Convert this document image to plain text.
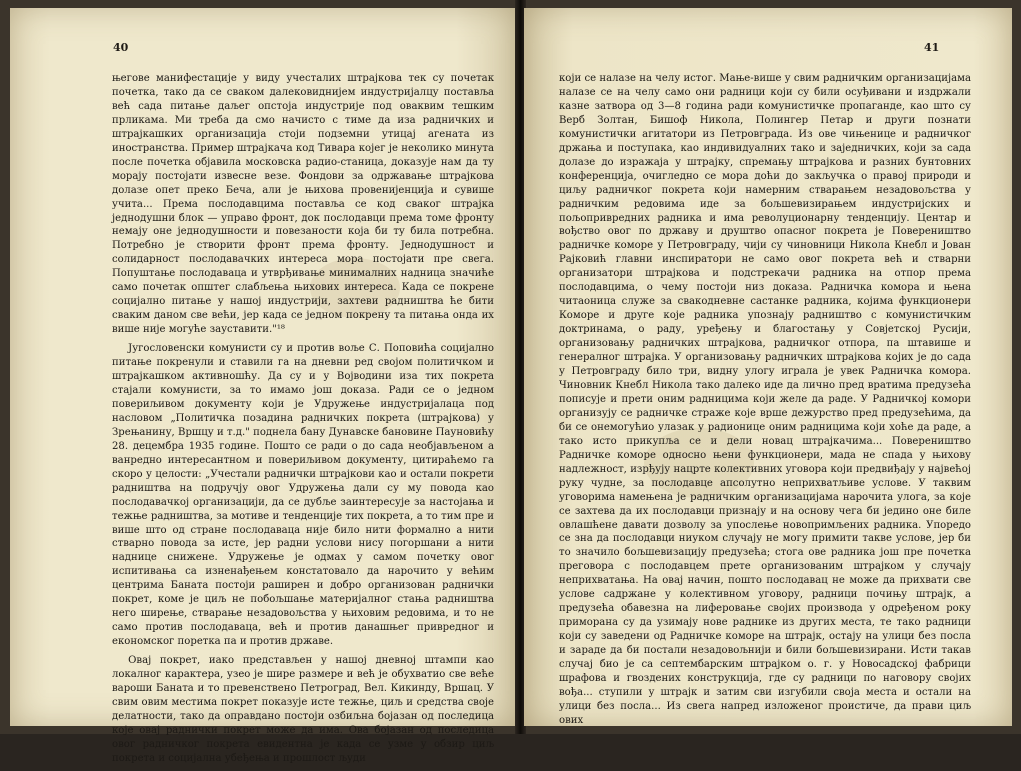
40

његове манифестације у виду учесталих штрајкова тек су почетак почетка, тако да се сваком далековиднијем индустријалцу поставља већ сада питање даљег опстоја индустрије под оваквим тешким прликама. Ми треба да смо начисто с тиме да иза радничких и штрајкашких организација стоји подземни утицај агената из иностранства. Пример штрајкача код Тивара којег је неколико минута после почетка објавила московска радио-станица, доказује нам да ту морају постојати извесне везе. Фондови за одржавање штрајкова долазе опет преко Беча, али је њихова провенијенција и сувише учита... Према послодавцима поставља се код сваког штрајка једнодушни блок — управо фронт, док послодавци према томе фронту немају оне једнодушности и повезаности која би ту била потребна. Потребно је створити фронт према фронту. Једнодушност и солидарност послодавачких интереса мора постојати пре свега. Попуштање послодаваца и утврђивање минималних надница значиће само почетак општег слабљења њихових интереса. Када се покрене социјално питање у нашој индустрији, захтеви радништва ће бити сваким даном све већи, јер када се једном покрену та питања онда их више није могуће зауставити."¹⁸

Југословенски комунисти су и против воље С. Поповића социјално питање покренули и ставили га на дневни ред својом политичком и штрајкашком активношћу. Да су и у Војводини иза тих покрета стајали комунисти, за то имамо још доказа. Ради се о једном повериљивом документу који је Удружење индустријалаца под насловом „Политичка позадина радничких покрета (штрајкова) у Зрењанину, Вршцу и т.д." поднела бану Дунавске бановине Пауновићу 28. децембра 1935 године. Пошто се ради о до сада необјављеном а ванредно интересантном и повериљивом документу, цитираћемо га скоро у целости: „Учестали раднички штрајкови као и остали покрети радништва на подручју овог Удружења дали су му повода као послодавачкој организацији, да се дубље заинтересује за настојања и тежње радништва, за мотиве и тенденције тих покрета, а то тим пре и више што од стране послодаваца није било нити формално а нити стварно повода за исте, јер радни услови нису погоршани а нити наднице снижене. Удружење је одмах у самом почетку овог испитивања са изненађењем констатовало да нарочито у већим центрима Баната постоји раширен и добро организован раднички покрет, коме је циљ не побољшање материјалног стања радништва него ширење, стварање незадовољства у њиховим редовима, и то не само против послодаваца, већ и против данашњег привредног и економског поретка па и против државе.

Овај покрет, иако представљен у нашој дневној штампи као локалног карактера, узео је шире размере и већ је обухватио све веће вароши Баната и то превенствено Петроград, Вел. Кикинду, Вршац. У свим овим местима покрет показује исте тежње, циљ и средства своје делатности, тако да оправдано постоји озбиљна бојазан од последица које овај раднички покрет може да има. Ова бојазан од последица овог радничког покрета евидентна је када се узме у обзир циљ покрета и социјална убеђења и прошлост људи

41

који се налазе на челу истог. Мање-више у свим радничким организацијама налазе се на челу само они радници који су били осуђивани и издржали казне затвора од 3—8 година ради комунистичке пропаганде, као што су Верб Золтан, Бишоф Никола, Полингер Петар и други познати комунистички агитатори из Петровграда. Из ове чињенице и радничког држања и поступака, као индивидуалних тако и заједничких, који за сада долазе до изражаја у штрајку, спремању штрајкова и разних бунтовних конференција, очигледно се мора доћи до закључка о правој природи и циљу радничког покрета који намерним стварањем незадовољства у радничким редовима иде за бољшевизирањем индустријских и пољопривредних радника и има револуционарну тенденцију. Центар и вођство овог по државу и друштво опасног покрета је Повереништво радничке коморе у Петровграду, чији су чиновници Никола Кнебл и Јован Рајковић главни инспиратори не само овог покрета већ и стварни организатори штрајкова и подстрекачи радника на отпор према послодавцима, о чему постоји низ доказа. Радничка комора и њена читаоница служе за свакодневне састанке радника, којима функционери Коморе и друге које радника упознају радништво с комунистичким доктринама, о раду, уређењу и благостању у Совјетској Русији, организовању радничких штрајкова, радничког отпора, па штавише и генералног штрајка. У организовању радничких штрајкова којих је до сада у Петровграду било три, видну улогу играла је увек Радничка комора. Чиновник Кнебл Никола тако далеко иде да лично пред вратима предузећа пописује и прети оним радницима који желе да раде. У Радничкој комори организују се радничке страже које врше дежурство пред предузећима, да би се онемогућио улазак у радионице оним радницима који хоће да раде, а тако исто прикупља се и дели новац штрајкачима... Повереништво Радничке коморе односно њени функционери, мада не спада у њихову надлежност, изрђују нацрте колективних уговора који предвиђају у највећој руку чудне, за послодавце апсолутно неприхватљиве услове. У таквим уговорима намењена је радничким организацијама нарочита улога, за које се захтева да их послодавци признају и на основу чега би једино оне биле овлашћене давати дозволу за упослење новопримљених радника. Упоредо се зна да послодавци ниуком случају не могу примити такве услове, јер би то значило бољшевизацију предузећа; стога ове радника још пре почетка преговора с послодавцем прете организованим штрајком у случају неприхватања. На овај начин, пошто послодавац не може да прихвати све услове садржане у колективном уговору, радници почињу штрајк, а предузећа обавезна на лиферовање својих производа у одређеном року приморана су да узимају нове раднике из других места, те тако радници који су заведени од Радничке коморе на штрајк, остају на улици без посла и зараде да би постали незадовољнији и били бољшевизирани. Исти такав случај био је са септембарским штрајком о. г. у Новосадској фабрици шрафова и гвоздених конструкција, где су радници по наговору својих вођа... ступили у штрајк и затим сви изгубили своја места и остали на улици без посла... Из свега напред изложеног проистиче, да прави циљ ових
